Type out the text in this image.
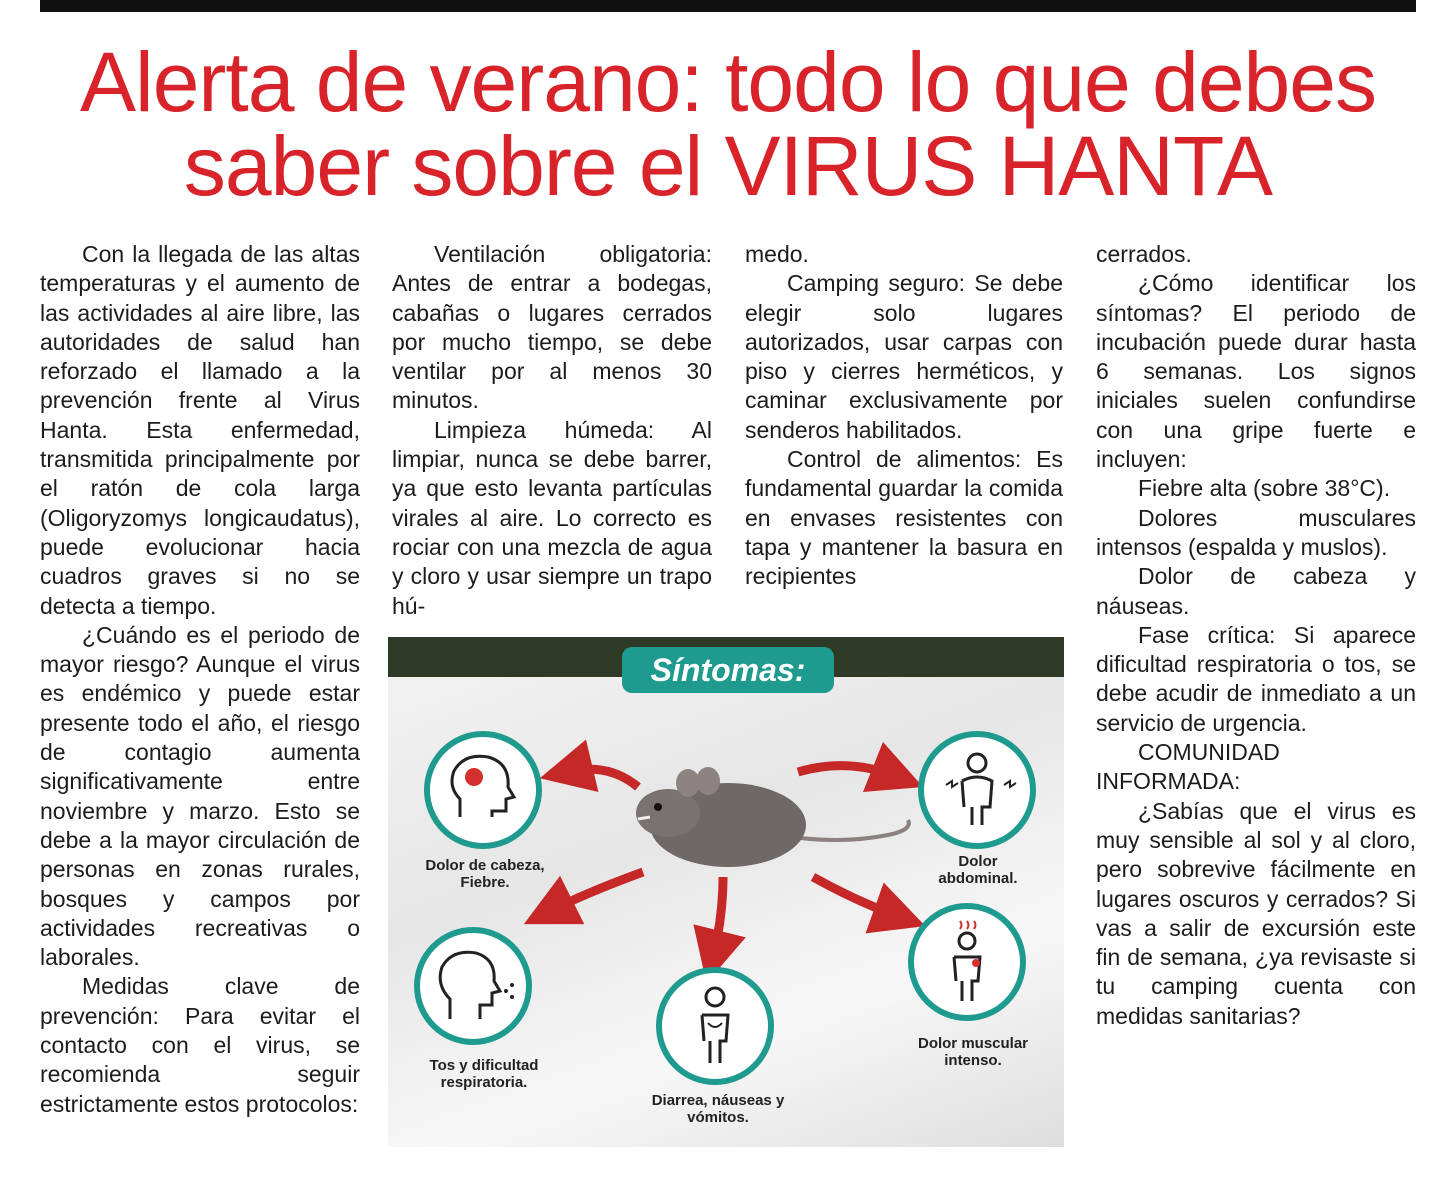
Alerta de verano: todo lo que debes
saber sobre el VIRUS HANTA

Con la llegada de las altas temperaturas y el aumento de las actividades al aire libre, las autoridades de salud han reforzado el llamado a la prevención frente al Virus Hanta. Esta enfermedad, transmitida principalmente por el ratón de cola larga (Oligoryzomys longicaudatus), puede evolucionar hacia cuadros graves si no se detecta a tiempo.

¿Cuándo es el periodo de mayor riesgo? Aunque el virus es endémico y puede estar presente todo el año, el riesgo de contagio aumenta significativamente entre noviembre y marzo. Esto se debe a la mayor circulación de personas en zonas rurales, bosques y campos por actividades recreativas o laborales.

Medidas clave de prevención: Para evitar el contacto con el virus, se recomienda seguir estrictamente estos protocolos:

Ventilación obligatoria: Antes de entrar a bodegas, cabañas o lugares cerrados por mucho tiempo, se debe ventilar por al menos 30 minutos.

Limpieza húmeda: Al limpiar, nunca se debe barrer, ya que esto levanta partículas virales al aire. Lo correcto es rociar con una mezcla de agua y cloro y usar siempre un trapo hú-

medo.

Camping seguro: Se debe elegir solo lugares autorizados, usar carpas con piso y cierres herméticos, y caminar exclusivamente por senderos habilitados.

Control de alimentos: Es fundamental guardar la comida en envases resistentes con tapa y mantener la basura en recipientes

cerrados.

¿Cómo identificar los síntomas? El periodo de incubación puede durar hasta 6 semanas. Los signos iniciales suelen confundirse con una gripe fuerte e incluyen:

Fiebre alta (sobre 38°C).

Dolores musculares intensos (espalda y muslos).

Dolor de cabeza y náuseas.

Fase crítica: Si aparece dificultad respiratoria o tos, se debe acudir de inmediato a un servicio de urgencia.

COMUNIDAD INFORMADA:

¿Sabías que el virus es muy sensible al sol y al cloro, pero sobrevive fácilmente en lugares oscuros y cerrados? Si vas a salir de excursión este fin de semana, ¿ya revisaste si tu camping cuenta con medidas sanitarias?

Síntomas:
Dolor de cabeza,
Fiebre.
Dolor
abdominal.
Tos y dificultad
respiratoria.
Diarrea, náuseas y
vómitos.
Dolor muscular
intenso.
